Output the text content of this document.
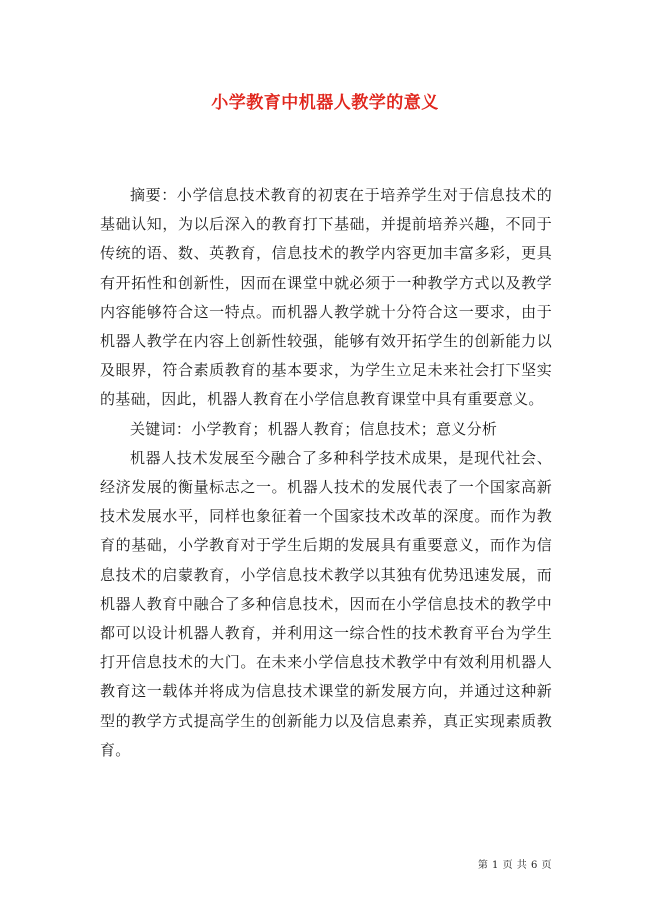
小学教育中机器人教学的意义

摘要：小学信息技术教育的初衷在于培养学生对于信息技术的基础认知，为以后深入的教育打下基础，并提前培养兴趣，不同于传统的语、数、英教育，信息技术的教学内容更加丰富多彩，更具有开拓性和创新性，因而在课堂中就必须于一种教学方式以及教学内容能够符合这一特点。而机器人教学就十分符合这一要求，由于机器人教学在内容上创新性较强，能够有效开拓学生的创新能力以及眼界，符合素质教育的基本要求，为学生立足未来社会打下坚实的基础，因此，机器人教育在小学信息教育课堂中具有重要意义。

关键词：小学教育；机器人教育；信息技术；意义分析

机器人技术发展至今融合了多种科学技术成果，是现代社会、经济发展的衡量标志之一。机器人技术的发展代表了一个国家高新技术发展水平，同样也象征着一个国家技术改革的深度。而作为教育的基础，小学教育对于学生后期的发展具有重要意义，而作为信息技术的启蒙教育，小学信息技术教学以其独有优势迅速发展，而机器人教育中融合了多种信息技术，因而在小学信息技术的教学中都可以设计机器人教育，并利用这一综合性的技术教育平台为学生打开信息技术的大门。在未来小学信息技术教学中有效利用机器人教育这一载体并将成为信息技术课堂的新发展方向，并通过这种新型的教学方式提高学生的创新能力以及信息素养，真正实现素质教育。

第 1 页 共 6 页
